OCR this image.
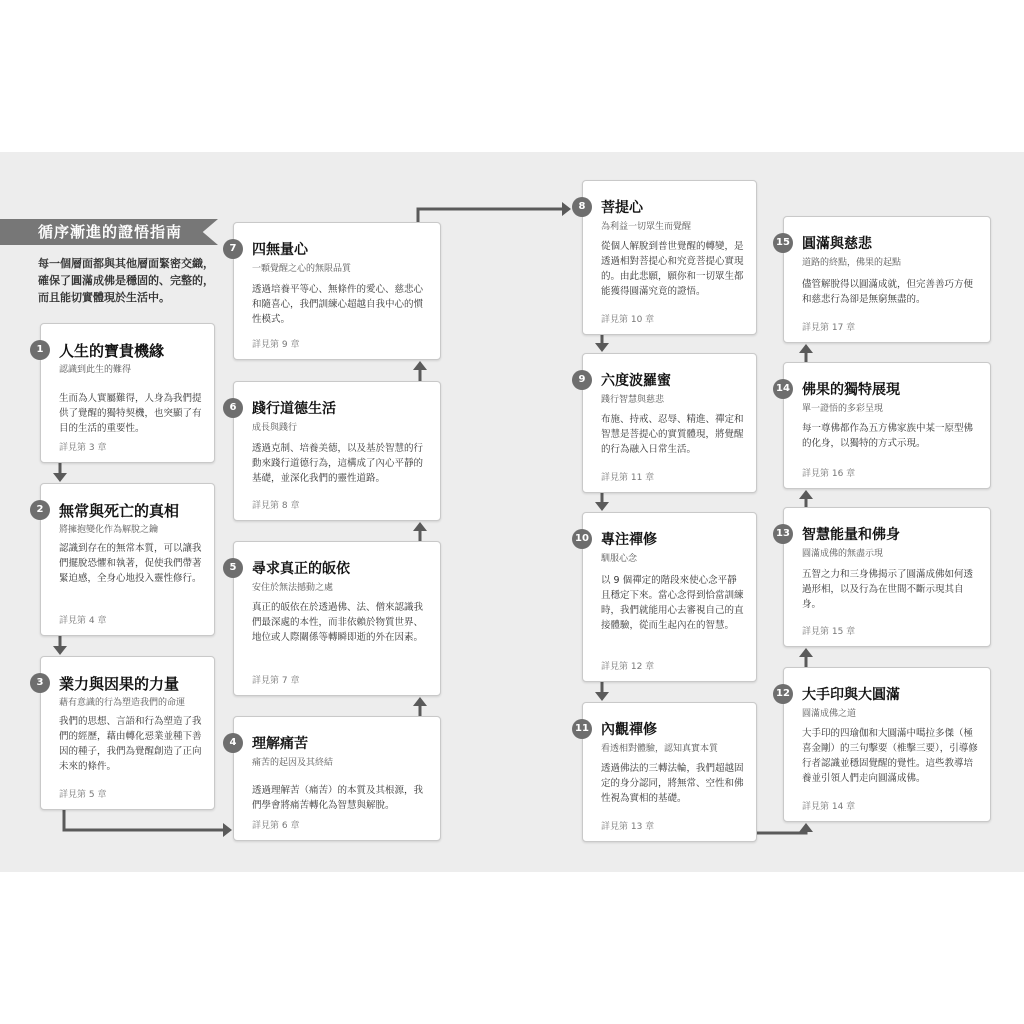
循序漸進的證悟指南
每一個層面都與其他層面緊密交織，確保了圓滿成佛是穩固的、完整的，而且能切實體現於生活中。
1	人生的寶貴機緣
認識到此生的難得
生而為人實屬難得，人身為我們提供了覺醒的獨特契機，也突顯了有目的生活的重要性。
詳見第 3 章
2	無常與死亡的真相
將擁抱變化作為解脫之鑰
認識到存在的無常本質，可以讓我們擺脫恐懼和執著，促使我們帶著緊迫感，全身心地投入靈性修行。
詳見第 4 章
3	業力與因果的力量
藉有意識的行為塑造我們的命運
我們的思想、言語和行為塑造了我們的經歷，藉由轉化惡業並種下善因的種子，我們為覺醒創造了正向未來的條件。
詳見第 5 章
4	理解痛苦
痛苦的起因及其終結
透過理解苦（痛苦）的本質及其根源，我們學會將痛苦轉化為智慧與解脫。
詳見第 6 章
5	尋求真正的皈依
安住於無法撼動之處
真正的皈依在於透過佛、法、僧來認識我們最深處的本性，而非依賴於物質世界、地位或人際關係等轉瞬即逝的外在因素。
詳見第 7 章
6	踐行道德生活
成長與踐行
透過克制、培養美德，以及基於智慧的行動來踐行道德行為，這構成了內心平靜的基礎，並深化我們的靈性道路。
詳見第 8 章
7	四無量心
一顆覺醒之心的無限品質
透過培養平等心、無條件的愛心、慈悲心和隨喜心，我們訓練心超越自我中心的慣性模式。
詳見第 9 章
8	菩提心
為利益一切眾生而覺醒
從個人解脫到普世覺醒的轉變，是透過相對菩提心和究竟菩提心實現的。由此悲願，願你和一切眾生都能獲得圓滿究竟的證悟。
詳見第 10 章
9	六度波羅蜜
踐行智慧與慈悲
布施、持戒、忍辱、精進、禪定和智慧是菩提心的實質體現，將覺醒的行為融入日常生活。
詳見第 11 章
10 專注禪修
馴服心念
以 9 個禪定的階段來使心念平靜且穩定下來。當心念得到恰當訓練時，我們就能用心去審視自己的直接體驗，從而生起內在的智慧。
詳見第 12 章
11 內觀禪修
看透相對體驗，認知真實本質
透過佛法的三轉法輪，我們超越固定的身分認同，將無常、空性和佛性視為實相的基礎。
詳見第 13 章
12 大手印與大圓滿
圓滿成佛之道
大手印的四瑜伽和大圓滿中噶拉多傑（極喜金剛）的三句擊要（椎擊三要），引導修行者認識並穩固覺醒的覺性。這些教導培養並引領人們走向圓滿成佛。
詳見第 14 章
13 智慧能量和佛身
圓滿成佛的無盡示現
五智之力和三身佛揭示了圓滿成佛如何透過形相，以及行為在世間不斷示現其自身。
詳見第 15 章
14 佛果的獨特展現
單一證悟的多彩呈現
每一尊佛都作為五方佛家族中某一原型佛的化身，以獨特的方式示現。
詳見第 16 章
15 圓滿與慈悲
道路的終點，佛果的起點
儘管解脫得以圓滿成就，但完善善巧方便和慈悲行為卻是無窮無盡的。
詳見第 17 章
